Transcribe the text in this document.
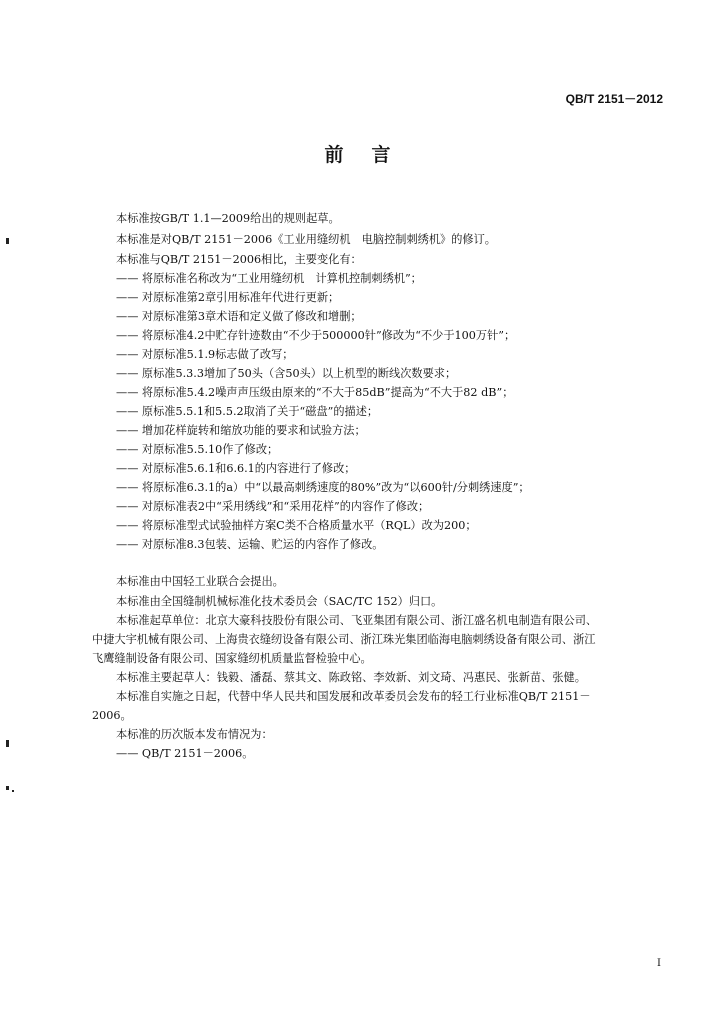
QB/T 2151－2012
前言
本标准按GB/T 1.1—2009给出的规则起草。
本标准是对QB/T 2151－2006《工业用缝纫机　电脑控制刺绣机》的修订。
本标准与QB/T 2151－2006相比，主要变化有：
—— 将原标准名称改为“工业用缝纫机　计算机控制刺绣机”；
—— 对原标准第2章引用标准年代进行更新；
—— 对原标准第3章术语和定义做了修改和增删；
—— 将原标准4.2中贮存针迹数由“不少于500000针”修改为“不少于100万针”；
—— 对原标准5.1.9标志做了改写；
—— 原标准5.3.3增加了50头（含50头）以上机型的断线次数要求；
—— 将原标准5.4.2噪声声压级由原来的“不大于85dB”提高为“不大于82 dB”；
—— 原标准5.5.1和5.5.2取消了关于“磁盘”的描述；
—— 增加花样旋转和缩放功能的要求和试验方法；
—— 对原标准5.5.10作了修改；
—— 对原标准5.6.1和6.6.1的内容进行了修改；
—— 将原标准6.3.1的a）中“以最高刺绣速度的80%”改为“以600针/分刺绣速度”；
—— 对原标准表2中“采用绣线”和“采用花样”的内容作了修改；
—— 将原标准型式试验抽样方案C类不合格质量水平（RQL）改为200；
—— 对原标准8.3包装、运输、贮运的内容作了修改。
本标准由中国轻工业联合会提出。
本标准由全国缝制机械标准化技术委员会（SAC/TC 152）归口。
本标准起草单位：北京大豪科技股份有限公司、飞亚集团有限公司、浙江盛名机电制造有限公司、
中捷大宇机械有限公司、上海贵衣缝纫设备有限公司、浙江珠光集团临海电脑刺绣设备有限公司、浙江
飞鹰缝制设备有限公司、国家缝纫机质量监督检验中心。
本标准主要起草人：钱毅、潘磊、蔡其文、陈政铭、李效新、刘文琦、冯惠民、张新苗、张健。
本标准自实施之日起，代替中华人民共和国发展和改革委员会发布的轻工行业标准QB/T 2151－
2006。
本标准的历次版本发布情况为：
—— QB/T 2151－2006。
I
